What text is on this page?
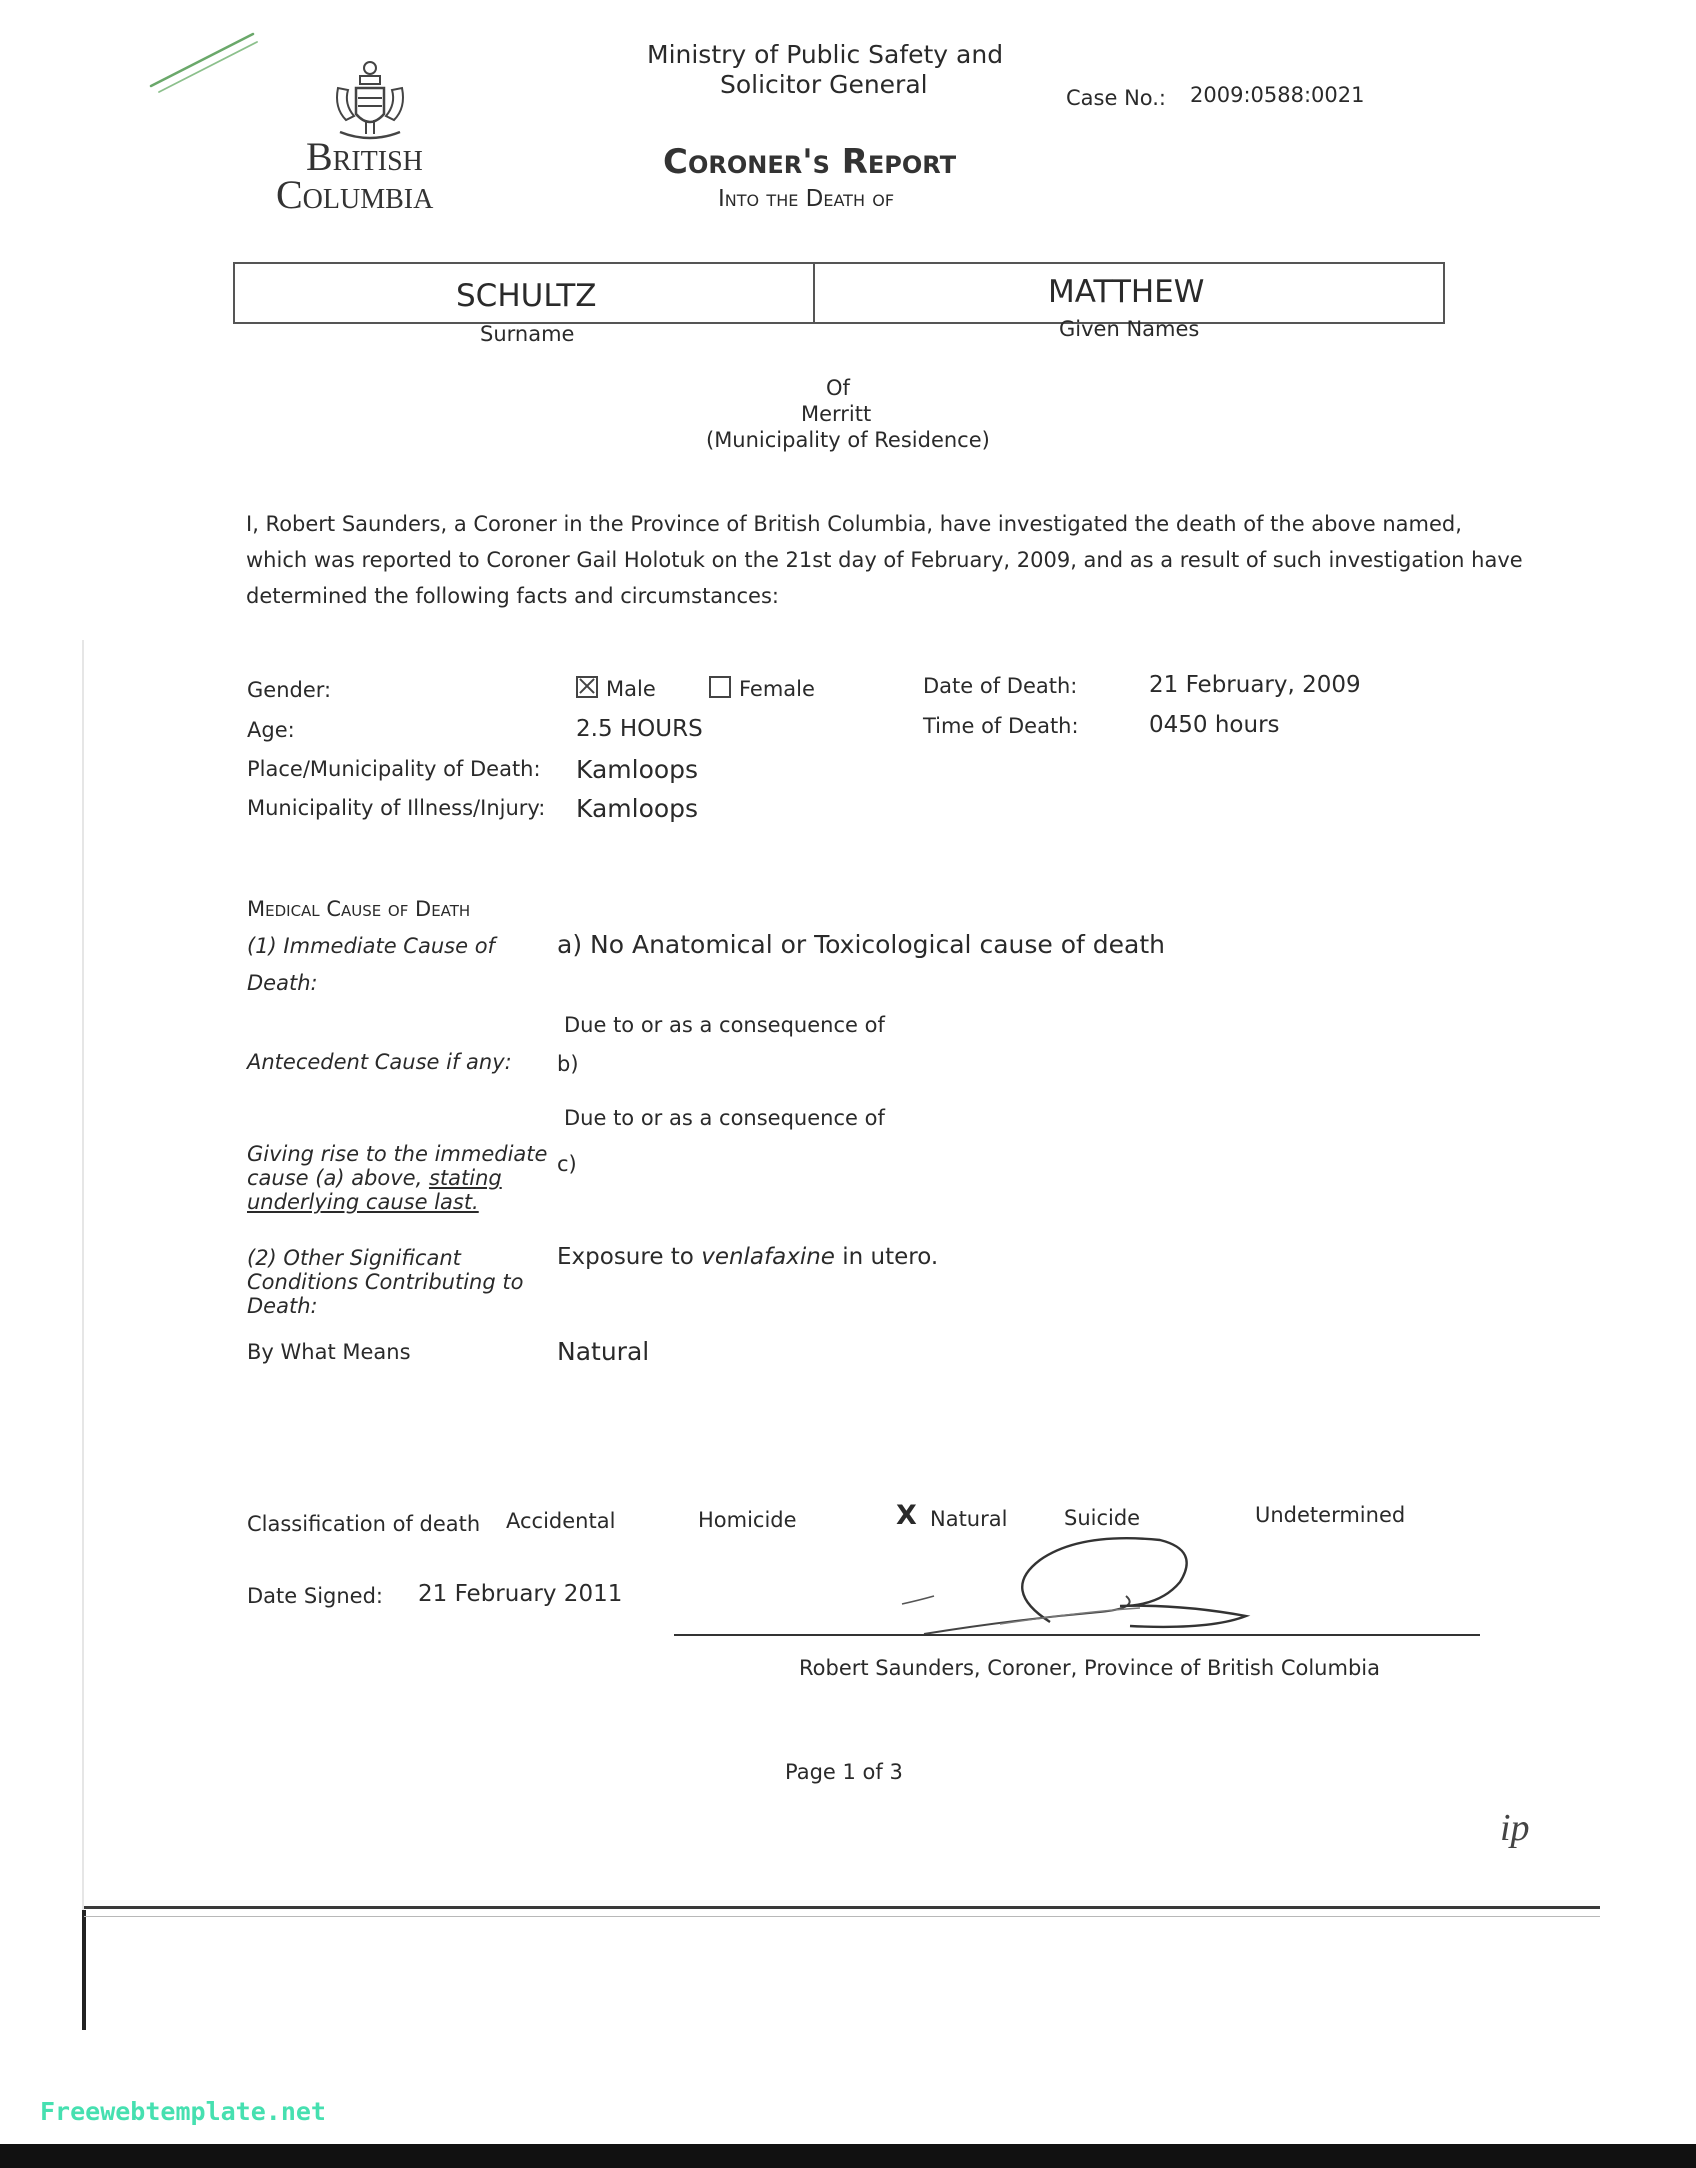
British
Columbia
Ministry of Public Safety and
Solicitor General	Case No.: 2009:0588:0021
Coroner's Report
Into the Death of
SCHULTZ	MATTHEW
Surname	Given Names
Of
Merritt
(Municipality of Residence)
I, Robert Saunders, a Coroner in the Province of British Columbia, have investigated the death of the above named,
which was reported to Coroner Gail Holotuk on the 21st day of February, 2009, and as a result of such investigation have
determined the following facts and circumstances:
Gender:	Male	Female	Date of Death:	21 February, 2009
Age:	2.5 HOURS	Time of Death:	0450 hours
Place/Municipality of Death: Kamloops
Municipality of Illness/Injury: Kamloops
Medical Cause of Death
(1) Immediate Cause of
Death:
a) No Anatomical or Toxicological cause of death
Due to or as a consequence of
Antecedent Cause if any: b)
Due to or as a consequence of
Giving rise to the immediate
cause (a) above, stating
underlying cause last.
c)
(2) Other Significant
Conditions Contributing to
Death:
Exposure to venlafaxine in utero.
By What Means	Natural
Classification of death Accidental	Homicide	X Natural	Suicide	Undetermined
Date Signed: 21 February 2011
Robert Saunders, Coroner, Province of British Columbia
Page 1 of 3
ip
Freewebtemplate.net
